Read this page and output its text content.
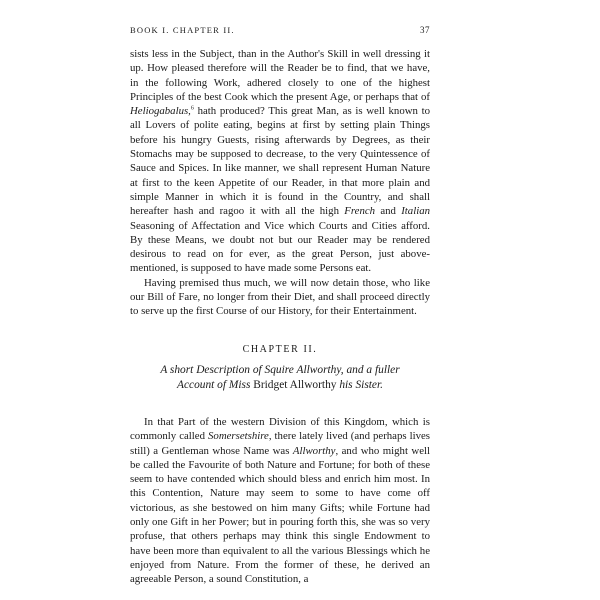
BOOK I. CHAPTER II.	37

sists less in the Subject, than in the Author's Skill in well dressing it up. How pleased therefore will the Reader be to find, that we have, in the following Work, adhered closely to one of the highest Principles of the best Cook which the present Age, or perhaps that of Heliogabalus,$^6$ hath produced? This great Man, as is well known to all Lovers of polite eating, begins at first by setting plain Things before his hungry Guests, rising afterwards by Degrees, as their Stomachs may be supposed to decrease, to the very Quintessence of Sauce and Spices. In like manner, we shall represent Human Nature at first to the keen Appetite of our Reader, in that more plain and simple Manner in which it is found in the Country, and shall hereafter hash and ragoo it with all the high French and Italian Seasoning of Affectation and Vice which Courts and Cities afford. By these Means, we doubt not but our Reader may be rendered desirous to read on for ever, as the great Person, just above-mentioned, is supposed to have made some Persons eat.

Having premised thus much, we will now detain those, who like our Bill of Fare, no longer from their Diet, and shall proceed directly to serve up the first Course of our History, for their Entertainment.

CHAPTER II.
A short Description of Squire Allworthy, and a fuller Account of Miss Bridget Allworthy his Sister.

In that Part of the western Division of this Kingdom, which is commonly called Somersetshire, there lately lived (and perhaps lives still) a Gentleman whose Name was Allworthy, and who might well be called the Favourite of both Nature and Fortune; for both of these seem to have contended which should bless and enrich him most. In this Contention, Nature may seem to some to have come off victorious, as she bestowed on him many Gifts; while Fortune had only one Gift in her Power; but in pouring forth this, she was so very profuse, that others perhaps may think this single Endowment to have been more than equivalent to all the various Blessings which he enjoyed from Nature. From the former of these, he derived an agreeable Person, a sound Constitution, a
